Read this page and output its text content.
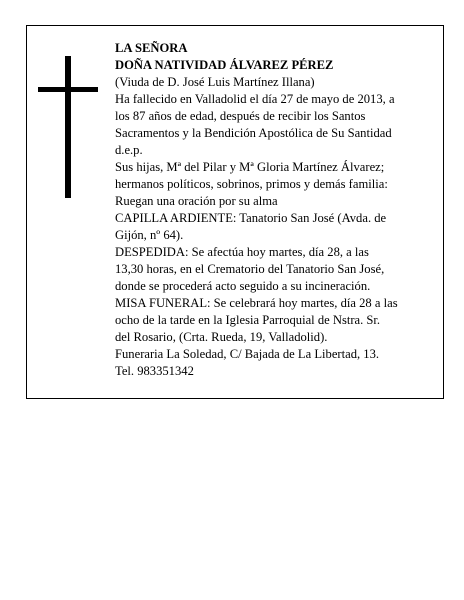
LA SEÑORA
DOÑA NATIVIDAD ÁLVAREZ PÉREZ
(Viuda de D. José Luis Martínez Illana)
Ha fallecido en Valladolid el día 27 de mayo de 2013, a
los 87 años de edad, después de recibir los Santos
Sacramentos y la Bendición Apostólica de Su Santidad
d.e.p.
Sus hijas, Mª del Pilar y Mª Gloria Martínez Álvarez;
hermanos políticos, sobrinos, primos y demás familia:
Ruegan una oración por su alma
CAPILLA ARDIENTE: Tanatorio San José (Avda. de
Gijón, nº 64).
DESPEDIDA: Se afectúa hoy martes, día 28, a las
13,30 horas, en el Crematorio del Tanatorio San José,
donde se procederá acto seguido a su incineración.
MISA FUNERAL: Se celebrará hoy martes, día 28 a las
ocho de la tarde en la Iglesia Parroquial de Nstra. Sr.
del Rosario, (Crta. Rueda, 19, Valladolid).
Funeraria La Soledad, C/ Bajada de La Libertad, 13.
Tel. 983351342
